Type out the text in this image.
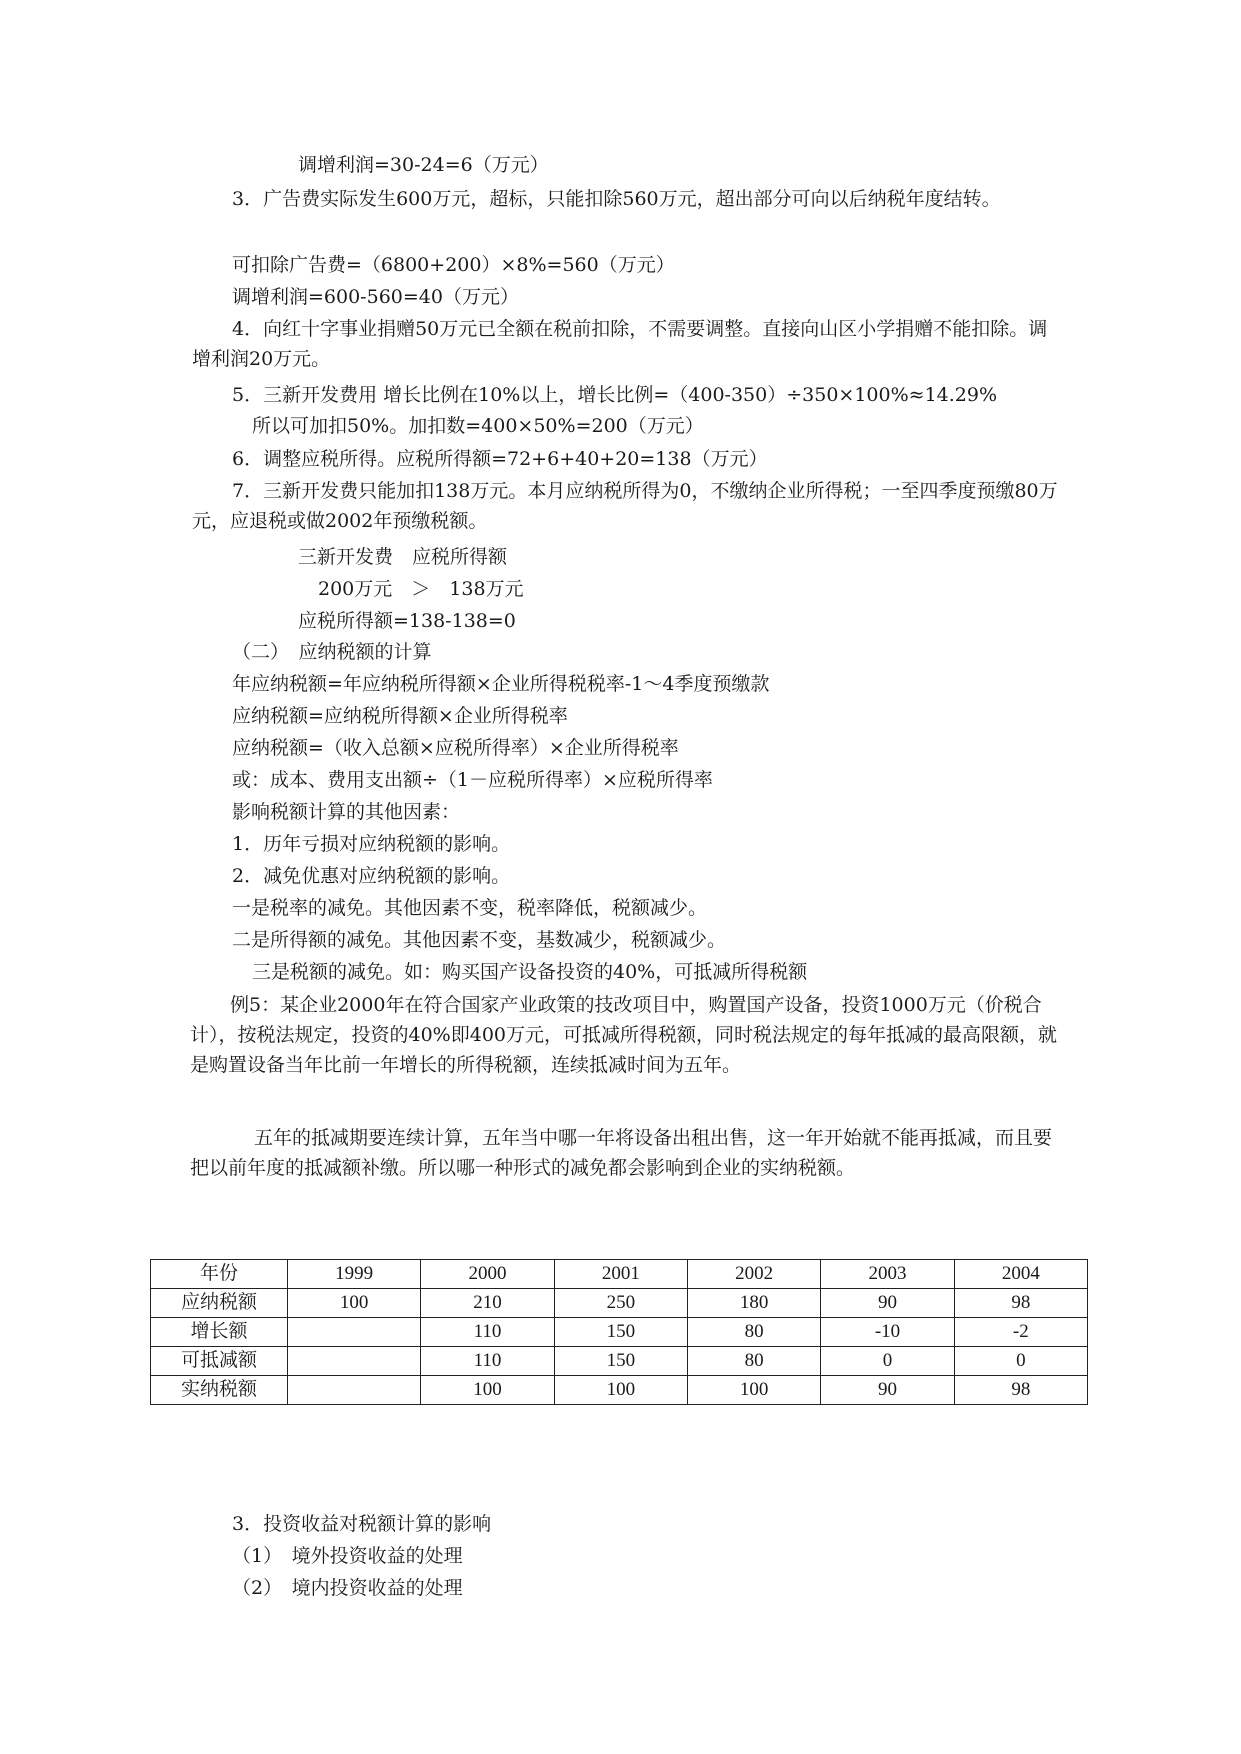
调增利润=30-24=6（万元）
3．广告费实际发生600万元，超标，只能扣除560万元，超出部分可向以后纳税年度结转。
可扣除广告费=（6800+200）×8%=560（万元）
调增利润=600-560=40（万元）
4．向红十字事业捐赠50万元已全额在税前扣除，不需要调整。直接向山区小学捐赠不能扣除。调增利润20万元。
5．三新开发费用 增长比例在10%以上，增长比例=（400-350）÷350×100%≈14.29%
所以可加扣50%。加扣数=400×50%=200（万元）
6．调整应税所得。应税所得额=72+6+40+20=138（万元）
7．三新开发费只能加扣138万元。本月应纳税所得为0，不缴纳企业所得税；一至四季度预缴80万元，应退税或做2002年预缴税额。
三新开发费　应税所得额
200万元　＞　138万元
应税所得额=138-138=0
（二）　应纳税额的计算
年应纳税额=年应纳税所得额×企业所得税税率-1～4季度预缴款
应纳税额=应纳税所得额×企业所得税率
应纳税额=（收入总额×应税所得率）×企业所得税率
或：成本、费用支出额÷（1－应税所得率）×应税所得率
影响税额计算的其他因素：
1．历年亏损对应纳税额的影响。
2．减免优惠对应纳税额的影响。
一是税率的减免。其他因素不变，税率降低，税额减少。
二是所得额的减免。其他因素不变，基数减少，税额减少。
三是税额的减免。如：购买国产设备投资的40%，可抵减所得税额
例5：某企业2000年在符合国家产业政策的技改项目中，购置国产设备，投资1000万元（价税合计），按税法规定，投资的40%即400万元，可抵减所得税额，同时税法规定的每年抵减的最高限额，就是购置设备当年比前一年增长的所得税额，连续抵减时间为五年。
五年的抵减期要连续计算，五年当中哪一年将设备出租出售，这一年开始就不能再抵减，而且要把以前年度的抵减额补缴。所以哪一种形式的减免都会影响到企业的实纳税额。
年份	1999	2000	2001	2002	2003	2004
应纳税额	100	210	250	180	90	98
增长额		110	150	80	-10	-2
可抵减额		110	150	80	0	0
实纳税额		100	100	100	90	98
3．投资收益对税额计算的影响
（1）　境外投资收益的处理
（2）　境内投资收益的处理
